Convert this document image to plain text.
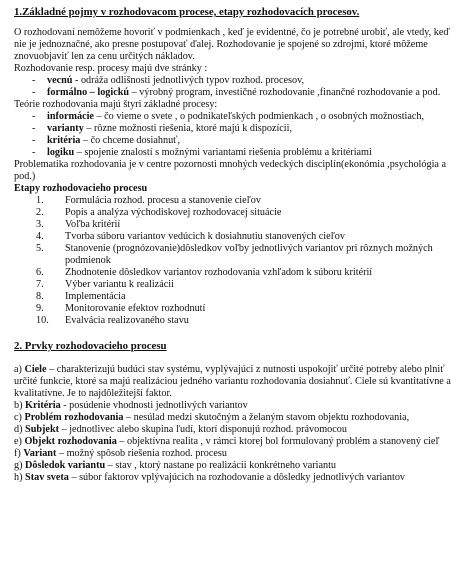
1.Základné pojmy v rozhodovacom procese, etapy rozhodovacích procesov.

O rozhodovaní nemôžeme hovoriť v podmienkach , keď je evidentné, čo je potrebné urobiť, ale vtedy, keď nie je jednoznačné, ako presne postupovať ďalej. Rozhodovanie je spojené so zdrojmi, ktoré môžeme znovuobjaviť len za cenu určitých nákladov.

Rozhodovanie resp. procesy majú dve stránky :

- vecnú - odráža odlišnosti jednotlivých typov rozhod. procesov,
- formálno – logickú – výrobný program, investičné rozhodovanie ,finančné rozhodovanie a pod.

Teórie rozhodovania majú štyri základné procesy:

- informácie – čo vieme o svete , o podnikateľských podmienkach , o osobných možnostiach,
- varianty – rôzne možnosti riešenia, ktoré majú k dispozícii,
- kritéria – čo chceme dosiahnuť,
- logiku – spojenie znalostí s možnými variantami riešenia problému a kritériami

Problematika rozhodovania je v centre pozornosti mnohých vedeckých disciplín(ekonómia ,psychológia a pod.)

Etapy rozhodovacieho procesu

1. Formulácia rozhod. procesu a stanovenie cieľov
2. Popis a analýza východiskovej rozhodovacej situácie
3. Voľba kritérií
4. Tvorba súboru variantov vedúcich k dosiahnutiu stanovených cieľov
5. Stanovenie (prognózovanie)dôsledkov voľby jednotlivých variantov pri rôznych možných podmienok
6. Zhodnotenie dôsledkov variantov rozhodovania vzhľadom k súboru kritérií
7. Výber variantu k realizácii
8. Implementácia
9. Monitorovanie efektov rozhodnutí
10. Evalvácia realizovaného stavu

2. Prvky rozhodovacieho procesu

a) Ciele – charakterizujú budúci stav systému, vyplývajúci z nutnosti uspokojiť určité potreby alebo plniť určité funkcie, ktoré sa majú realizáciou jedného variantu rozhodovania dosiahnuť. Ciele sú kvantitatívne a kvalitatívne. Je to najdôležitejší faktor.

b) Kritéria - posúdenie vhodnosti jednotlivých variantov

c) Problém rozhodovania – nesúlad medzi skutočným a želaným stavom objektu rozhodovania,

d) Subjekt – jednotlivec alebo skupina ľudí, ktorí disponujú rozhod. právomocou

e) Objekt rozhodovania – objektívna realita , v rámci ktorej bol formulovaný problém a stanovený cieľ

f) Variant – možný spôsob riešenia rozhod. procesu

g) Dôsledok variantu – stav , ktorý nastane po realizácii konkrétneho variantu

h) Stav sveta – súbor faktorov vplývajúcich na rozhodovanie a dôsledky jednotlivých variantov
